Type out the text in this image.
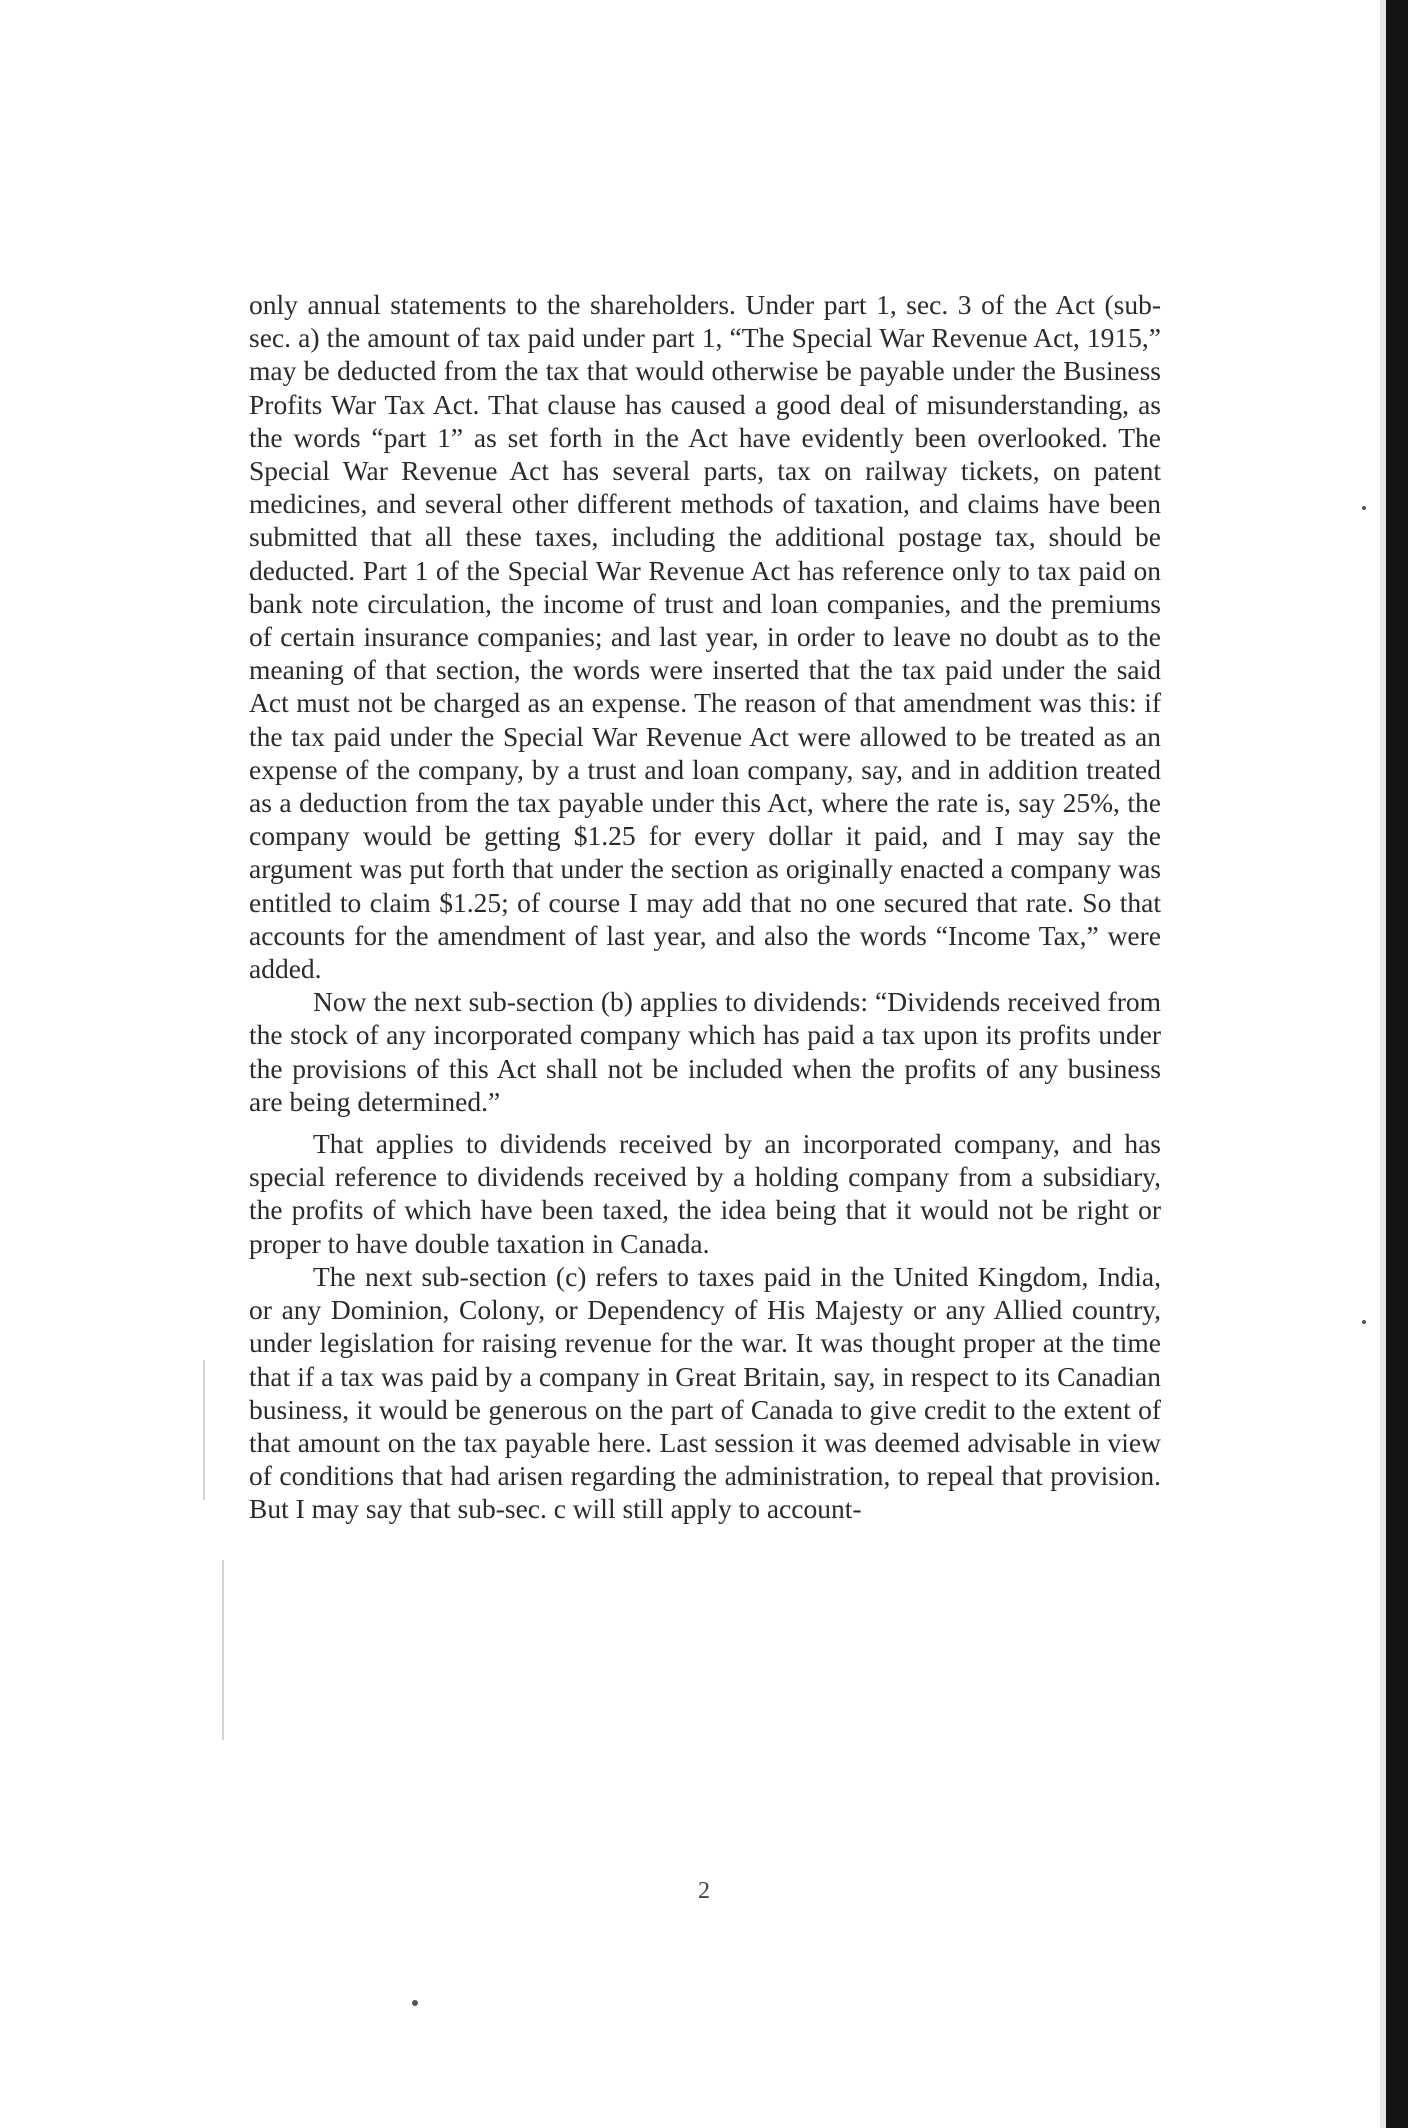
only annual statements to the shareholders. Under part 1, sec. 3 of the Act (sub-sec. a) the amount of tax paid under part 1, “The Special War Revenue Act, 1915,” may be deducted from the tax that would otherwise be payable under the Business Profits War Tax Act. That clause has caused a good deal of misunderstanding, as the words “part 1” as set forth in the Act have evidently been overlooked. The Special War Revenue Act has several parts, tax on railway tickets, on patent medicines, and several other different methods of taxation, and claims have been submitted that all these taxes, including the additional postage tax, should be deducted. Part 1 of the Special War Revenue Act has reference only to tax paid on bank note circulation, the income of trust and loan companies, and the premiums of certain insurance companies; and last year, in order to leave no doubt as to the meaning of that section, the words were inserted that the tax paid under the said Act must not be charged as an expense. The reason of that amendment was this: if the tax paid under the Special War Revenue Act were allowed to be treated as an expense of the company, by a trust and loan company, say, and in addition treated as a deduction from the tax payable under this Act, where the rate is, say 25%, the company would be getting $1.25 for every dollar it paid, and I may say the argument was put forth that under the section as originally enacted a company was entitled to claim $1.25; of course I may add that no one secured that rate. So that accounts for the amendment of last year, and also the words “Income Tax,” were added.

Now the next sub-section (b) applies to dividends: “Dividends received from the stock of any incorporated company which has paid a tax upon its profits under the provisions of this Act shall not be included when the profits of any business are being determined.”

That applies to dividends received by an incorporated company, and has special reference to dividends received by a holding company from a subsidiary, the profits of which have been taxed, the idea being that it would not be right or proper to have double taxation in Canada.

The next sub-section (c) refers to taxes paid in the United Kingdom, India, or any Dominion, Colony, or Dependency of His Majesty or any Allied country, under legislation for raising revenue for the war. It was thought proper at the time that if a tax was paid by a company in Great Britain, say, in respect to its Canadian business, it would be generous on the part of Canada to give credit to the extent of that amount on the tax payable here. Last session it was deemed advisable in view of conditions that had arisen regarding the administration, to repeal that provision. But I may say that sub-sec. c will still apply to account-

2
